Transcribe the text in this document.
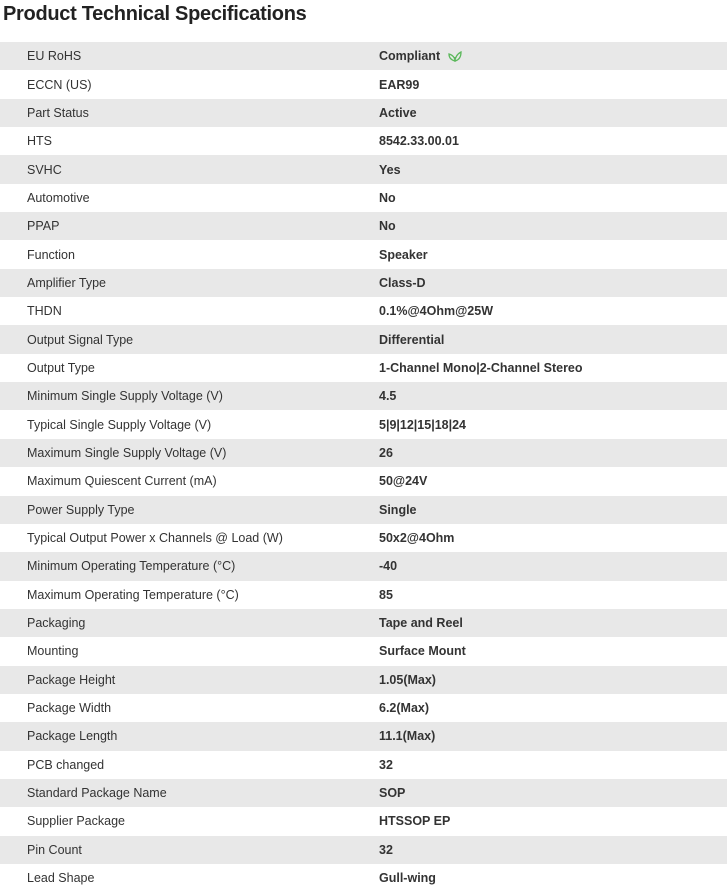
Product Technical Specifications
EU RoHS	Compliant
ECCN (US)	EAR99
Part Status	Active
HTS	8542.33.00.01
SVHC	Yes
Automotive	No
PPAP	No
Function	Speaker
Amplifier Type	Class-D
THDN	0.1%@4Ohm@25W
Output Signal Type	Differential
Output Type	1-Channel Mono|2-Channel Stereo
Minimum Single Supply Voltage (V)	4.5
Typical Single Supply Voltage (V)	5|9|12|15|18|24
Maximum Single Supply Voltage (V)	26
Maximum Quiescent Current (mA)	50@24V
Power Supply Type	Single
Typical Output Power x Channels @ Load (W)	50x2@4Ohm
Minimum Operating Temperature (°C)	-40
Maximum Operating Temperature (°C)	85
Packaging	Tape and Reel
Mounting	Surface Mount
Package Height	1.05(Max)
Package Width	6.2(Max)
Package Length	11.1(Max)
PCB changed	32
Standard Package Name	SOP
Supplier Package	HTSSOP EP
Pin Count	32
Lead Shape	Gull-wing
